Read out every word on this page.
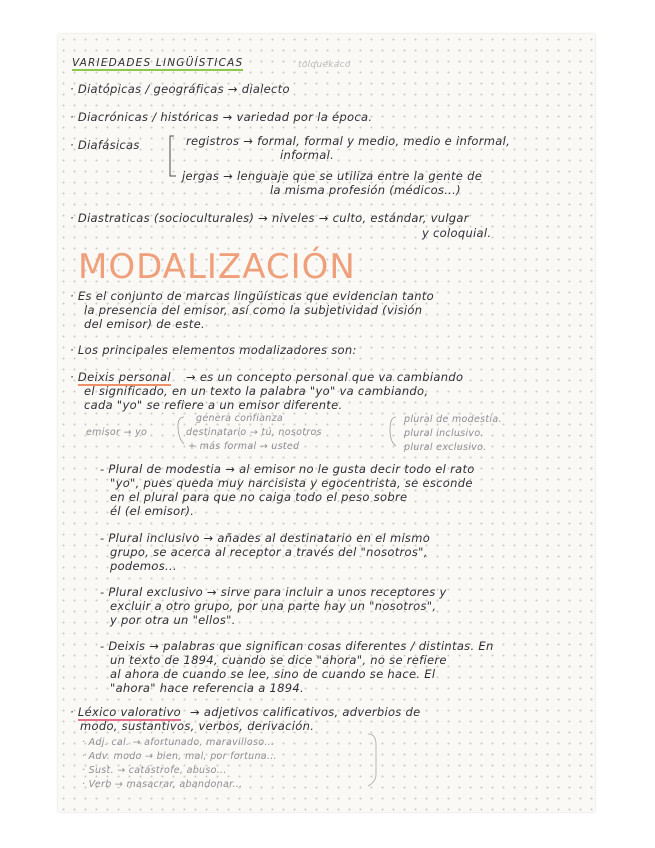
VARIEDADES LINGÜÍSTICAS	tolquekaco
· Diatópicas / geográficas → dialecto
· Diacrónicas / históricas → variedad por la época.
· Diafásicas	registros → formal, formal y medio, medio e informal,
informal.
jergas → lenguaje que se utiliza entre la gente de
la misma profesión (médicos...)
· Diastraticas (socioculturales) → niveles → culto, estándar, vulgar
y coloquial.
MODALIZACIÓN
· Es el conjunto de marcas lingüísticas que evidencian tanto
la presencia del emisor, así como la subjetividad (visión
del emisor) de este.
· Los principales elementos modalizadores son:
· Deixis personal → es un concepto personal que va cambiando
el significado, en un texto la palabra "yo" va cambiando,
cada "yo" se refiere a un emisor diferente.
emisor → yo
genera confianza
destinatario → tú, nosotros
+ más formal → usted
plural de modestia.
plural inclusivo.
plural exclusivo.
- Plural de modestia → al emisor no le gusta decir todo el rato
"yo", pues queda muy narcisista y egocentrista, se esconde
en el plural para que no caiga todo el peso sobre
él (el emisor).
- Plural inclusivo → añades al destinatario en el mismo
grupo, se acerca al receptor a través del "nosotros",
podemos...
- Plural exclusivo → sirve para incluir a unos receptores y
excluir a otro grupo, por una parte hay un "nosotros",
y por otra un "ellos".
- Deixis → palabras que significan cosas diferentes / distintas. En
un texto de 1894, cuando se dice "ahora", no se refiere
al ahora de cuando se lee, sino de cuando se hace. El
"ahora" hace referencia a 1894.
· Léxico valorativo → adjetivos calificativos, adverbios de
modo, sustantivos, verbos, derivación.
· Adj. cal. → afortunado, maravilloso...
· Adv. modo → bien, mal, por fortuna...
· Sust. → catástrofe, abuso...
· Verb → masacrar, abandonar...
